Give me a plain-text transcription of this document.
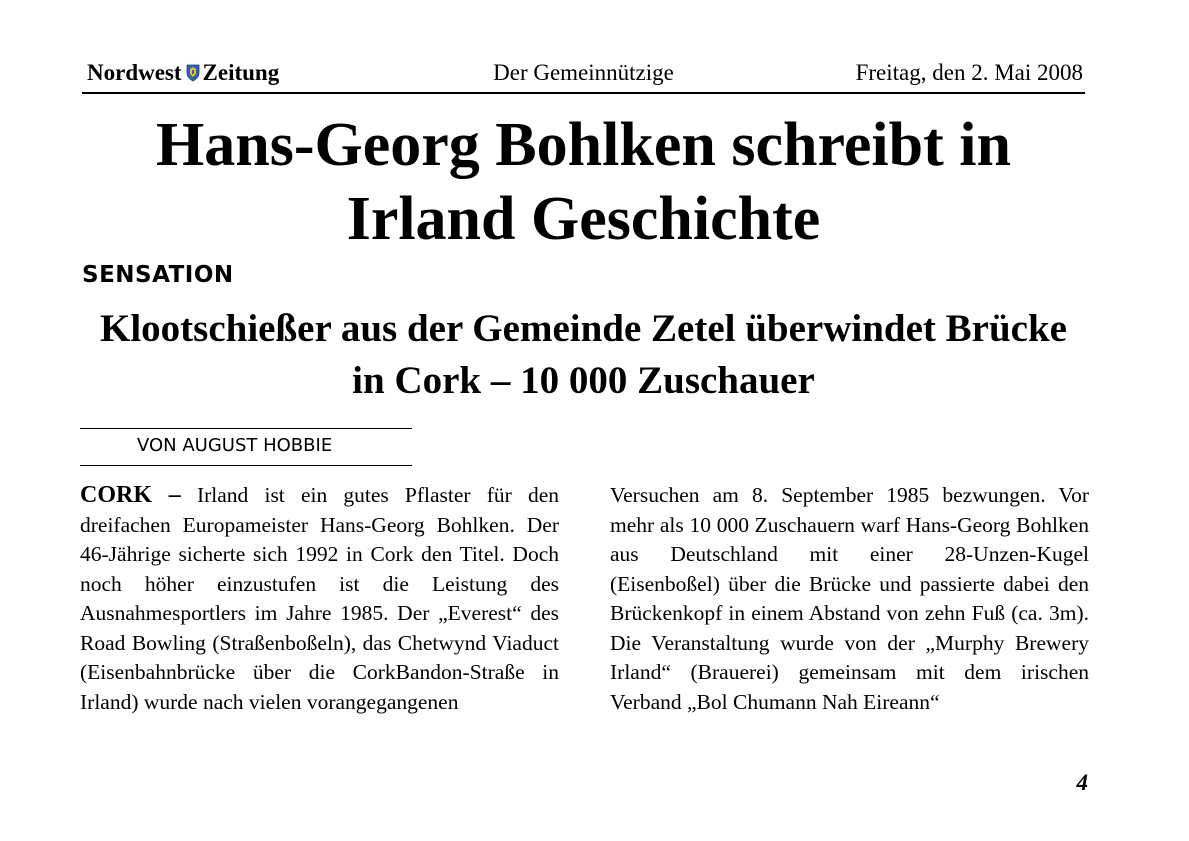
Nordwest Zeitung	Der Gemeinnützige	Freitag, den 2. Mai 2008
Hans-Georg Bohlken schreibt in Irland Geschichte
SENSATION
Klootschießer aus der Gemeinde Zetel überwindet Brücke in Cork – 10 000 Zuschauer
VON AUGUST HOBBIE

CORK – Irland ist ein gutes Pflaster für den dreifachen Europameister Hans-Georg Bohlken. Der 46-Jährige sicherte sich 1992 in Cork den Titel. Doch noch höher einzustufen ist die Leistung des Ausnahmesportlers im Jahre 1985. Der „Everest“ des Road Bowling (Straßenboßeln), das Chetwynd Viaduct (Eisenbahnbrücke über die CorkBandon-Straße in Irland) wurde nach vielen vorangegangenen

Versuchen am 8. September 1985 bezwungen. Vor mehr als 10 000 Zuschauern warf Hans-Georg Bohlken aus Deutschland mit einer 28-Unzen-Kugel (Eisenboßel) über die Brücke und passierte dabei den Brückenkopf in einem Abstand von zehn Fuß (ca. 3m). Die Veranstaltung wurde von der „Murphy Brewery Irland“ (Brauerei) gemeinsam mit dem irischen Verband „Bol Chumann Nah Eireann“

4
